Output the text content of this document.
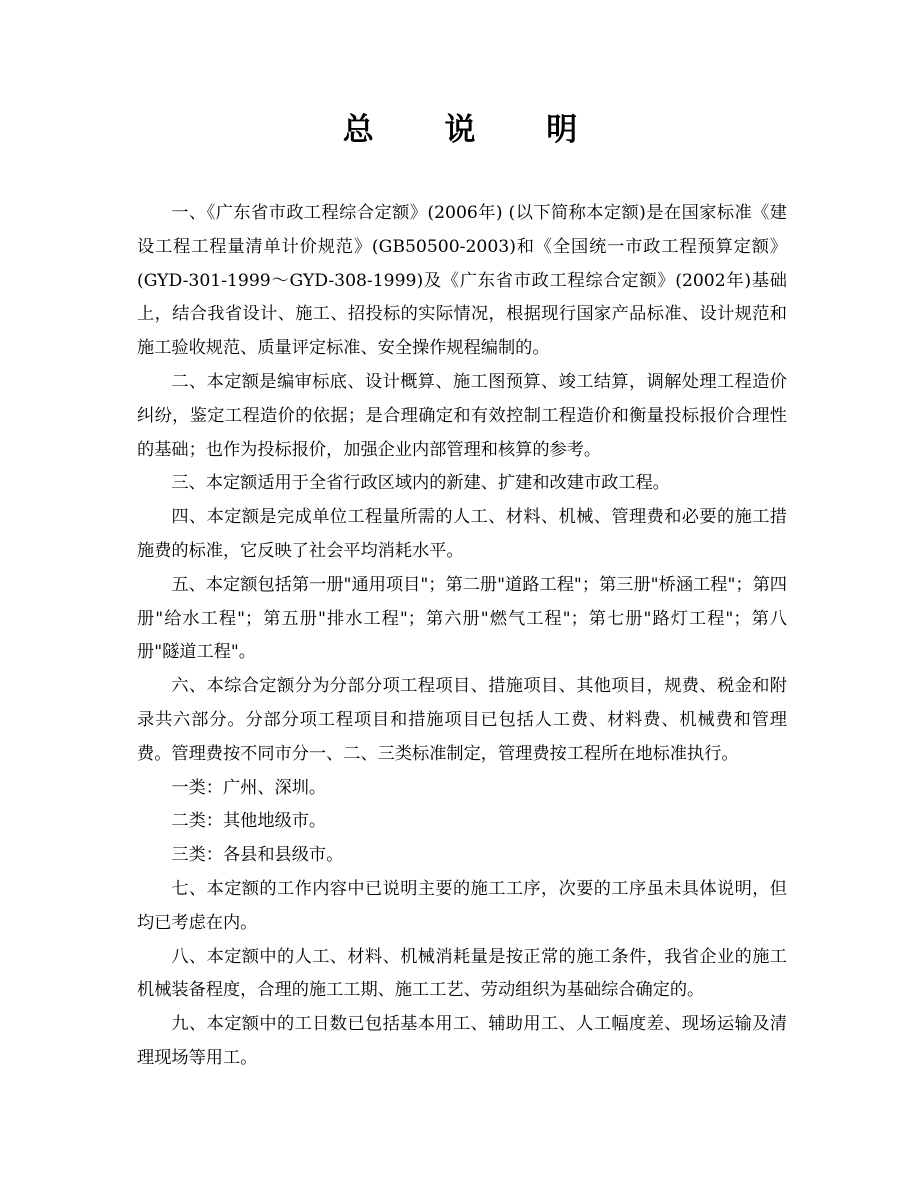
总 说 明

一、《广东省市政工程综合定额》(2006年) (以下简称本定额)是在国家标准《建设工程工程量清单计价规范》(GB50500-2003)和《全国统一市政工程预算定额》(GYD-301-1999～GYD-308-1999)及《广东省市政工程综合定额》(2002年)基础上，结合我省设计、施工、招投标的实际情况，根据现行国家产品标准、设计规范和施工验收规范、质量评定标准、安全操作规程编制的。

二、本定额是编审标底、设计概算、施工图预算、竣工结算，调解处理工程造价纠纷，鉴定工程造价的依据；是合理确定和有效控制工程造价和衡量投标报价合理性的基础；也作为投标报价，加强企业内部管理和核算的参考。

三、本定额适用于全省行政区域内的新建、扩建和改建市政工程。

四、本定额是完成单位工程量所需的人工、材料、机械、管理费和必要的施工措施费的标准，它反映了社会平均消耗水平。

五、本定额包括第一册"通用项目"；第二册"道路工程"；第三册"桥涵工程"；第四册"给水工程"；第五册"排水工程"；第六册"燃气工程"；第七册"路灯工程"；第八册"隧道工程"。

六、本综合定额分为分部分项工程项目、措施项目、其他项目，规费、税金和附录共六部分。分部分项工程项目和措施项目已包括人工费、材料费、机械费和管理费。管理费按不同市分一、二、三类标准制定，管理费按工程所在地标准执行。

一类：广州、深圳。

二类：其他地级市。

三类：各县和县级市。

七、本定额的工作内容中已说明主要的施工工序，次要的工序虽未具体说明，但均已考虑在内。

八、本定额中的人工、材料、机械消耗量是按正常的施工条件，我省企业的施工机械装备程度，合理的施工工期、施工工艺、劳动组织为基础综合确定的。

九、本定额中的工日数已包括基本用工、辅助用工、人工幅度差、现场运输及清理现场等用工。
